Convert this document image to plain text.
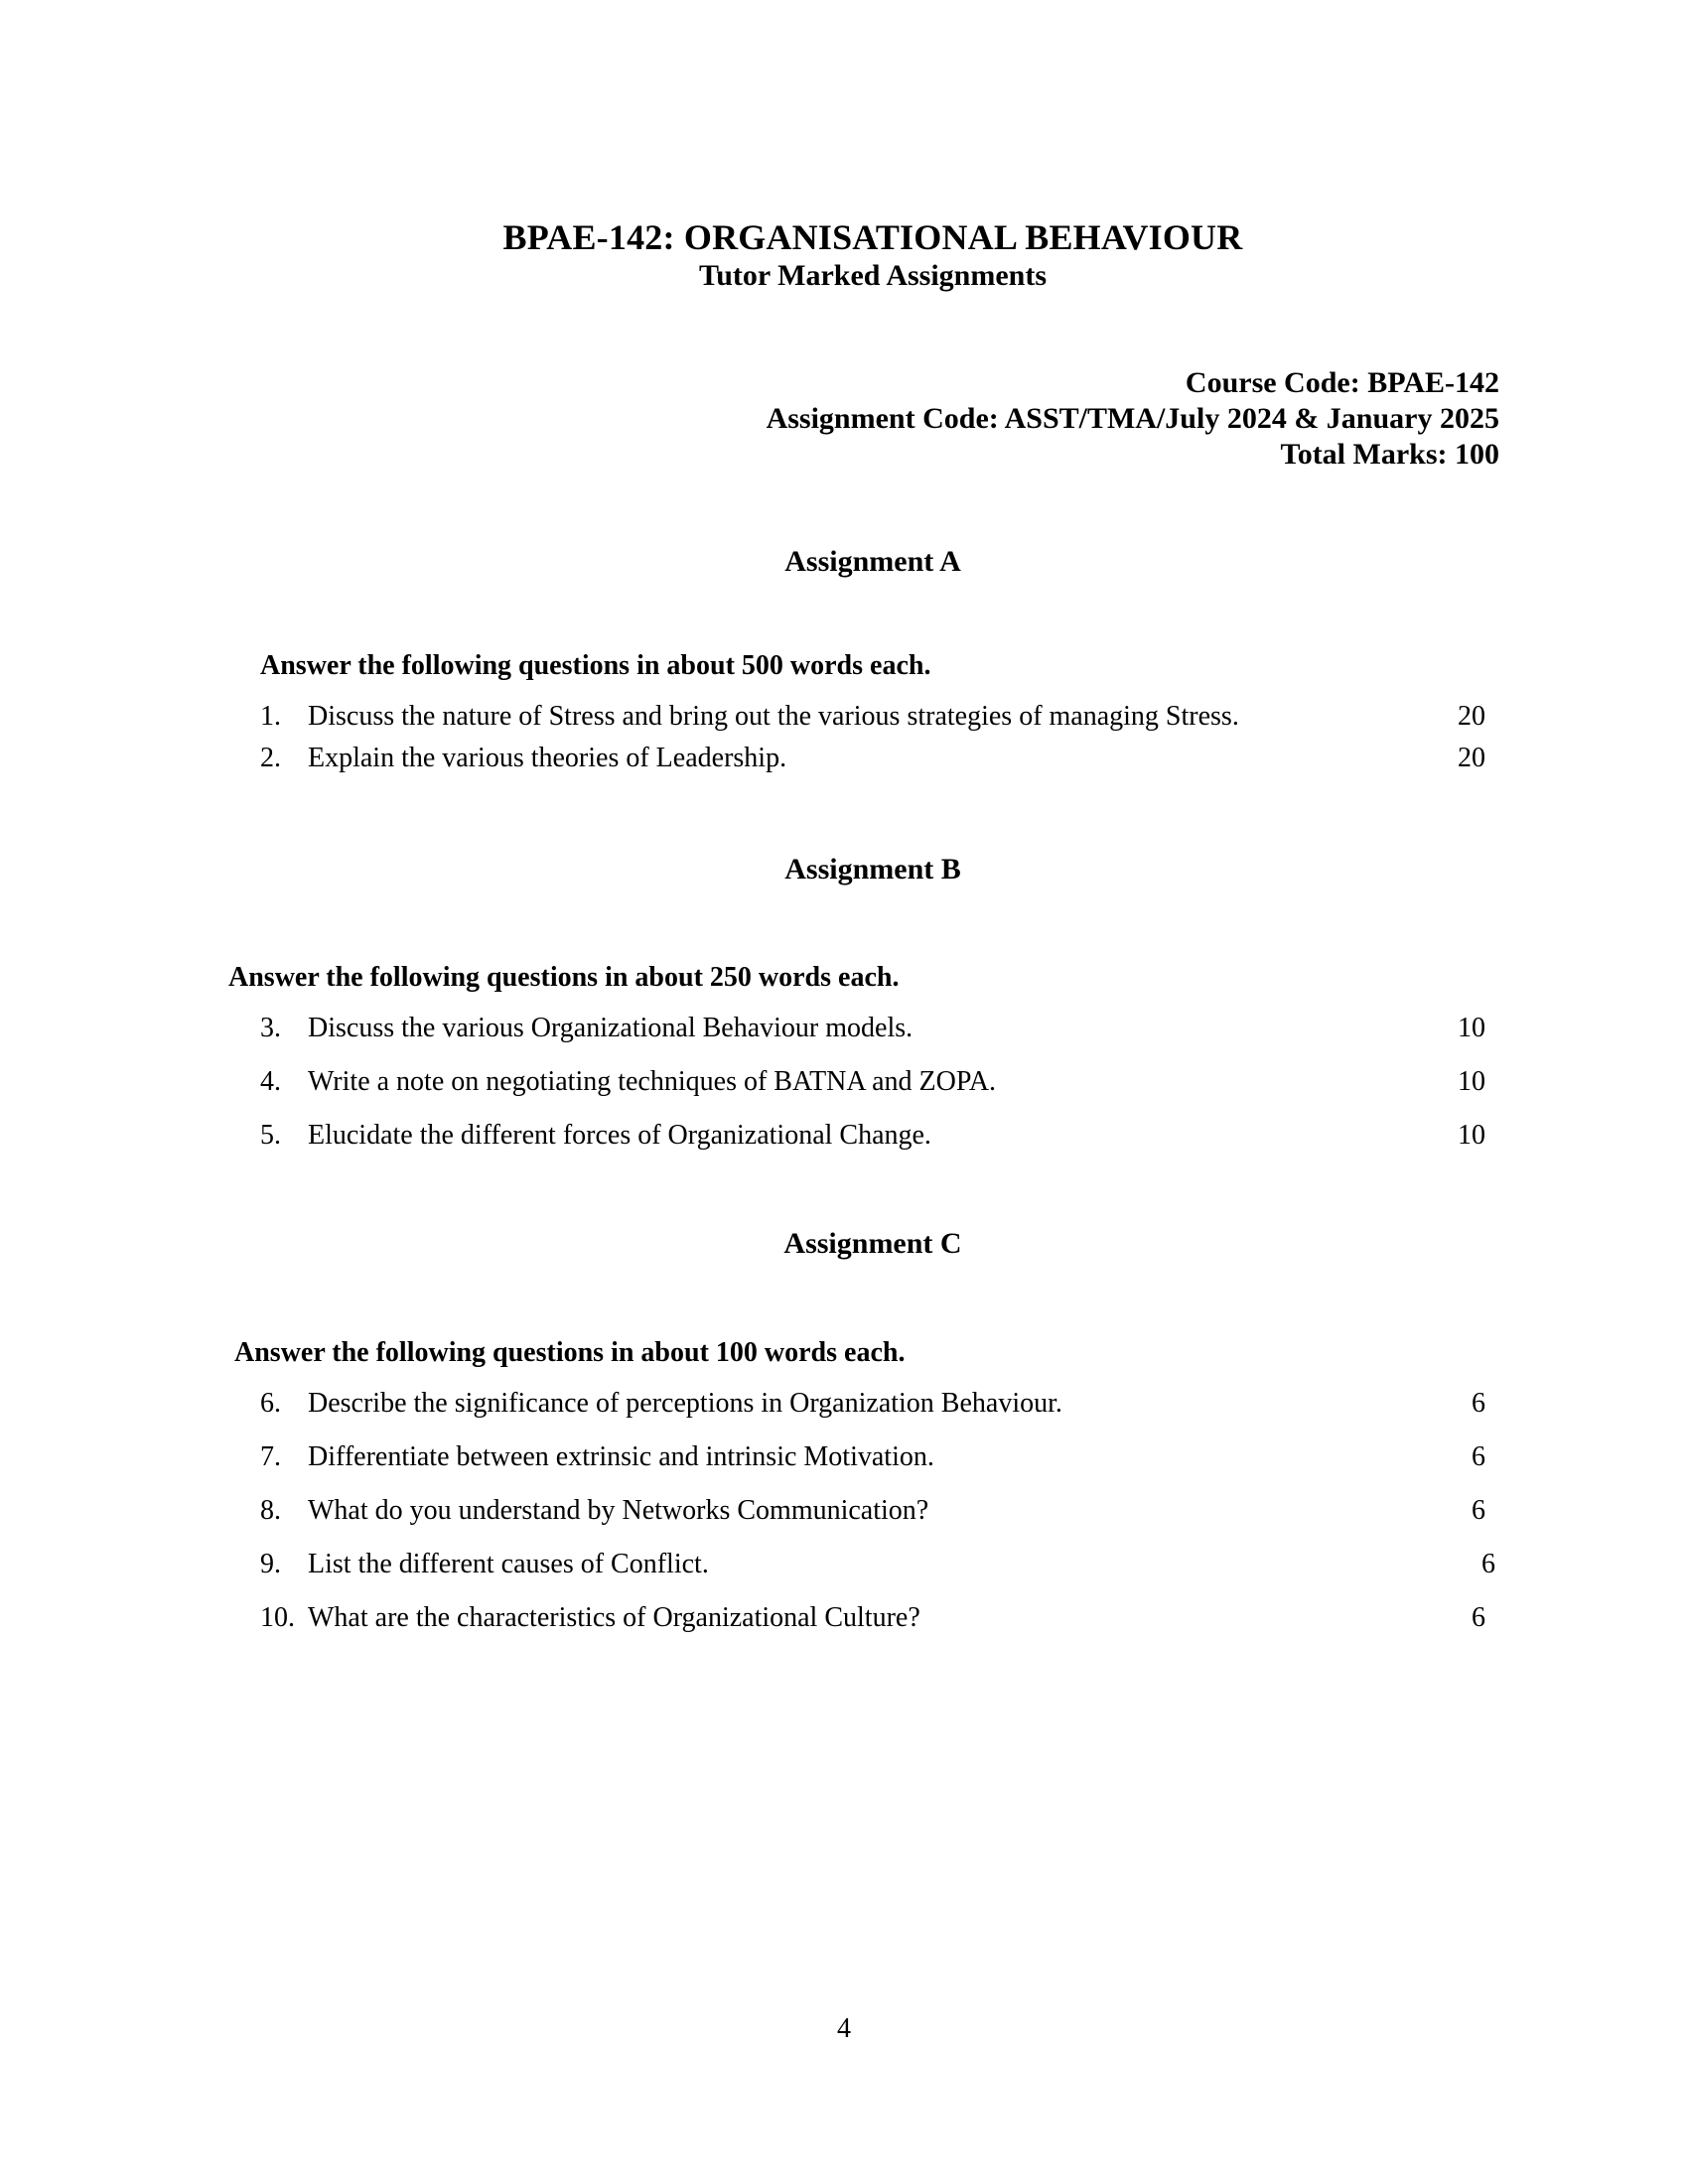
BPAE-142: ORGANISATIONAL BEHAVIOUR
Tutor Marked Assignments
Course Code: BPAE-142
Assignment Code: ASST/TMA/July 2024 & January 2025
Total Marks: 100
Assignment A
Answer the following questions in about 500 words each.
1. Discuss the nature of Stress and bring out the various strategies of managing Stress.	20
2. Explain the various theories of Leadership.	20
Assignment B
Answer the following questions in about 250 words each.
3. Discuss the various Organizational Behaviour models.	10
4. Write a note on negotiating techniques of BATNA and ZOPA.	10
5. Elucidate the different forces of Organizational Change.	10
Assignment C
Answer the following questions in about 100 words each.
6. Describe the significance of perceptions in Organization Behaviour.	6
7. Differentiate between extrinsic and intrinsic Motivation.	6
8. What do you understand by Networks Communication?	6
9. List the different causes of Conflict.	6
10. What are the characteristics of Organizational Culture?	6
4
